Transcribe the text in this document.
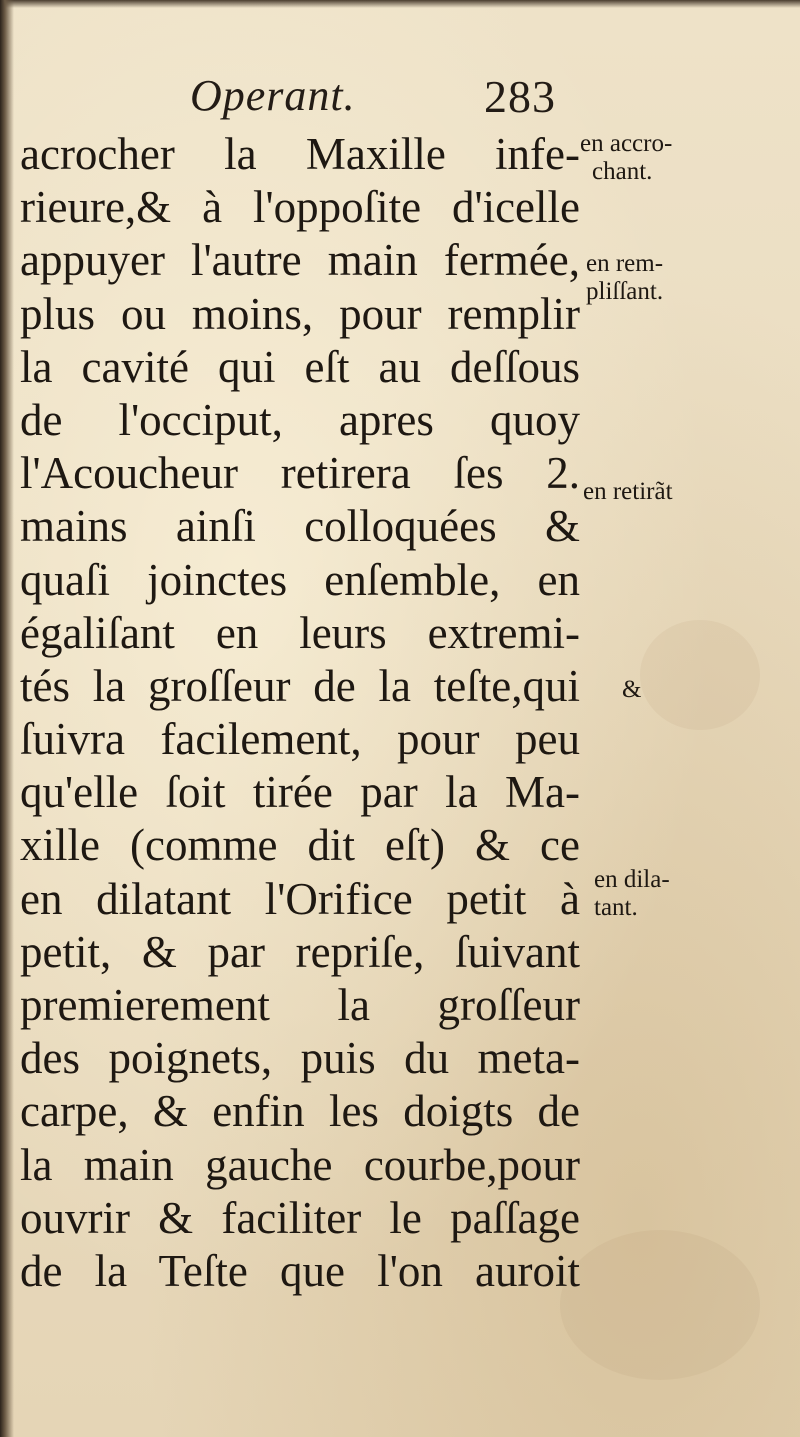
Operant.	283
acrocher la Maxille infe-
rieure,& à l'oppoſite d'icelle
appuyer l'autre main fermée,
plus ou moins, pour remplir
la cavité qui eſt au deſſous
de l'occiput, apres quoy
l'Acoucheur retirera ſes 2.
mains ainſi colloquées &
quaſi joinctes enſemble, en
égaliſant en leurs extremi-
tés la groſſeur de la teſte,qui
ſuivra facilement, pour peu
qu'elle ſoit tirée par la Ma-
xille (comme dit eſt) & ce
en dilatant l'Orifice petit à
petit, & par repriſe, ſuivant
premierement la groſſeur
des poignets, puis du meta-
carpe, & enfin les doigts de
la main gauche courbe,pour
ouvrir & faciliter le paſſage
de la Teſte que l'on auroit
en accro-
chant.
en rem-
pliſſant.
en retirãt
&
en dila-
tant.
